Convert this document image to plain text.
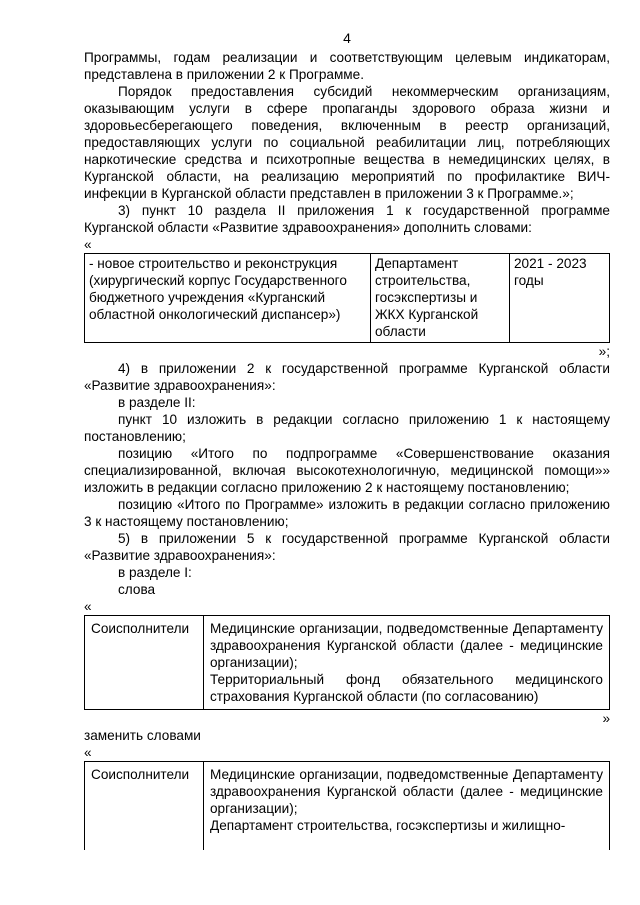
4

Программы, годам реализации и соответствующим целевым индикаторам, представлена в приложении 2 к Программе.

Порядок предоставления субсидий некоммерческим организациям, оказывающим услуги в сфере пропаганды здорового образа жизни и здоровьесберегающего поведения, включенным в реестр организаций, предоставляющих услуги по социальной реабилитации лиц, потребляющих наркотические средства и психотропные вещества в немедицинских целях, в Курганской области, на реализацию мероприятий по профилактике ВИЧ-инфекции в Курганской области представлен в приложении 3 к Программе.»;

3) пункт 10 раздела II приложения 1 к государственной программе Курганской области «Развитие здравоохранения» дополнить словами:

«
- новое строительство и реконструкция (хирургический корпус Государственного бюджетного учреждения «Курганский областной онкологический диспансер»)	Департамент строительства, госэкспертизы и ЖКХ Курганской области	2021 - 2023 годы
»;

4) в приложении 2 к государственной программе Курганской области «Развитие здравоохранения»:

в разделе II:

пункт 10 изложить в редакции согласно приложению 1 к настоящему постановлению;

позицию «Итого по подпрограмме «Совершенствование оказания специализированной, включая высокотехнологичную, медицинской помощи»» изложить в редакции согласно приложению 2 к настоящему постановлению;

позицию «Итого по Программе» изложить в редакции согласно приложению 3 к настоящему постановлению;

5) в приложении 5 к государственной программе Курганской области «Развитие здравоохранения»:

в разделе I:

слова

«
Соисполнители	Медицинские организации, подведомственные Департаменту здравоохранения Курганской области (далее - медицинские организации);
Территориальный фонд обязательного медицинского страхования Курганской области (по согласованию)
»

заменить словами

«
Соисполнители	Медицинские организации, подведомственные Департаменту здравоохранения Курганской области (далее - медицинские организации);
Департамент строительства, госэкспертизы и жилищно-
